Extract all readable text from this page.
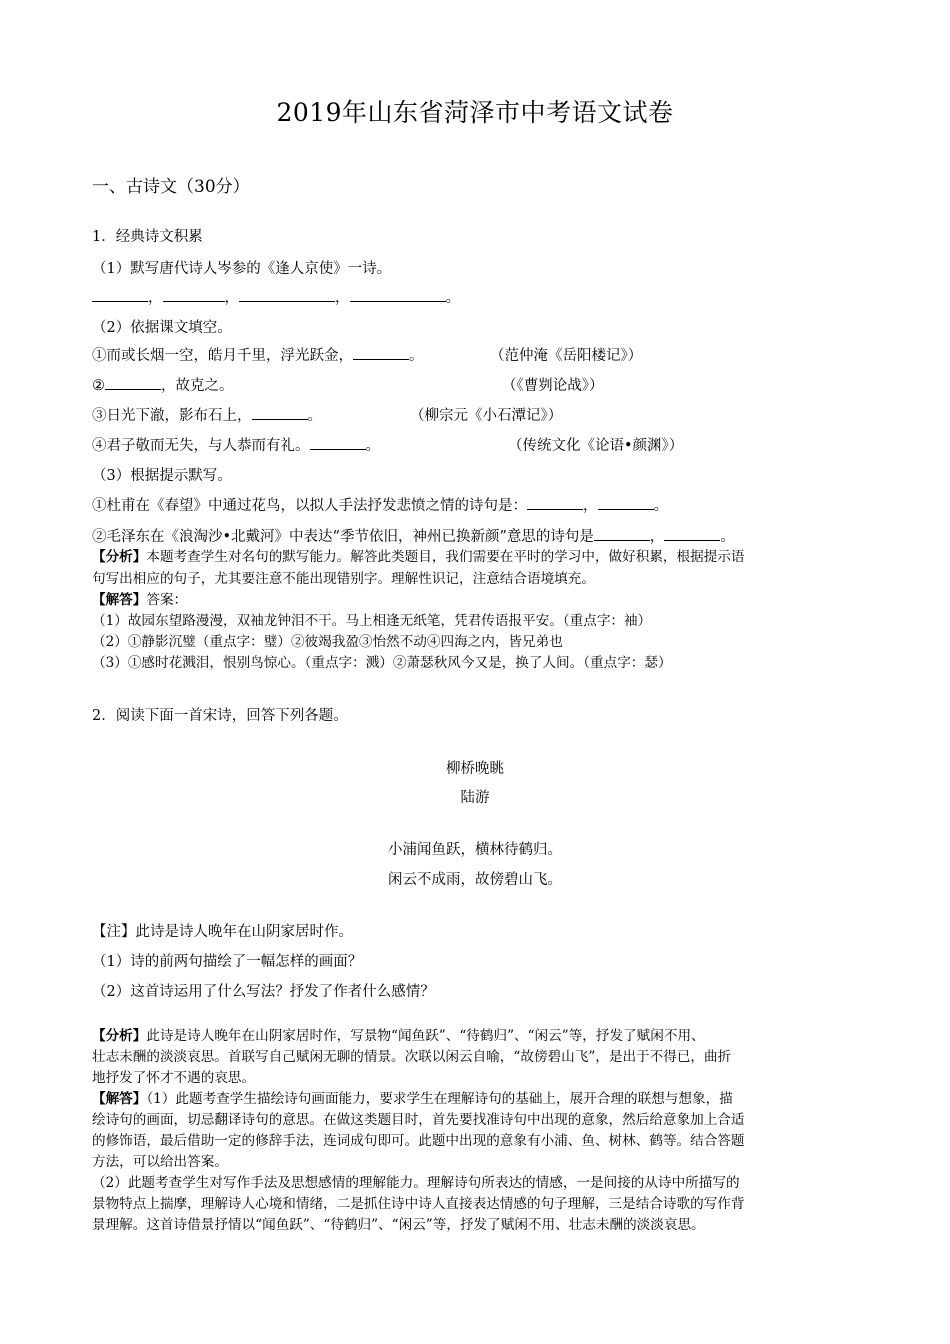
2019年山东省菏泽市中考语文试卷
一、古诗文（30分）
1．经典诗文积累
（1）默写唐代诗人岑参的《逢人京使》一诗。
，	，	，	。
（2）依据课文填空。
①而或长烟一空，皓月千里，浮光跃金，	。	（范仲淹《岳阳楼记》）
②	，故克之。	（《曹刿论战》）
③日光下澈，影布石上，	。	（柳宗元《小石潭记》）
④君子敬而无失，与人恭而有礼。	。	（传统文化《论语•颜渊》）
（3）根据提示默写。
①杜甫在《春望》中通过花鸟，以拟人手法抒发悲愤之情的诗句是：	，	。
②毛泽东在《浪淘沙•北戴河》中表达“季节依旧，神州已换新颜”意思的诗句是	，	。
【分析】本题考查学生对名句的默写能力。解答此类题目，我们需要在平时的学习中，做好积累，根据提示语
句写出相应的句子，尤其要注意不能出现错别字。理解性识记，注意结合语境填充。
【解答】答案：
（1）故园东望路漫漫，双袖龙钟泪不干。马上相逢无纸笔，凭君传语报平安。（重点字：袖）
（2）①静影沉璧（重点字：璧）②彼竭我盈③怡然不动④四海之内，皆兄弟也
（3）①感时花溅泪，恨别鸟惊心。（重点字：溅）②萧瑟秋风今又是，换了人间。（重点字：瑟）
2．阅读下面一首宋诗，回答下列各题。
柳桥晚眺
陆游
小浦闻鱼跃，横林待鹤归。
闲云不成雨，故傍碧山飞。
【注】此诗是诗人晚年在山阴家居时作。
（1）诗的前两句描绘了一幅怎样的画面？
（2）这首诗运用了什么写法？抒发了作者什么感情？
【分析】此诗是诗人晚年在山阴家居时作，写景物“闻鱼跃”、“待鹤归”、“闲云”等，抒发了赋闲不用、
壮志未酬的淡淡哀思。首联写自己赋闲无聊的情景。次联以闲云自喻，“故傍碧山飞”，是出于不得已，曲折
地抒发了怀才不遇的哀思。
【解答】（1）此题考查学生描绘诗句画面能力，要求学生在理解诗句的基础上，展开合理的联想与想象，描
绘诗句的画面，切忌翻译诗句的意思。在做这类题目时，首先要找准诗句中出现的意象，然后给意象加上合适
的修饰语，最后借助一定的修辞手法，连词成句即可。此题中出现的意象有小浦、鱼、树林、鹤等。结合答题
方法，可以给出答案。
（2）此题考查学生对写作手法及思想感情的理解能力。理解诗句所表达的情感，一是间接的从诗中所描写的
景物特点上揣摩，理解诗人心境和情绪，二是抓住诗中诗人直接表达情感的句子理解，三是结合诗歌的写作背
景理解。这首诗借景抒情以“闻鱼跃”、“待鹤归”、“闲云”等，抒发了赋闲不用、壮志未酬的淡淡哀思。
